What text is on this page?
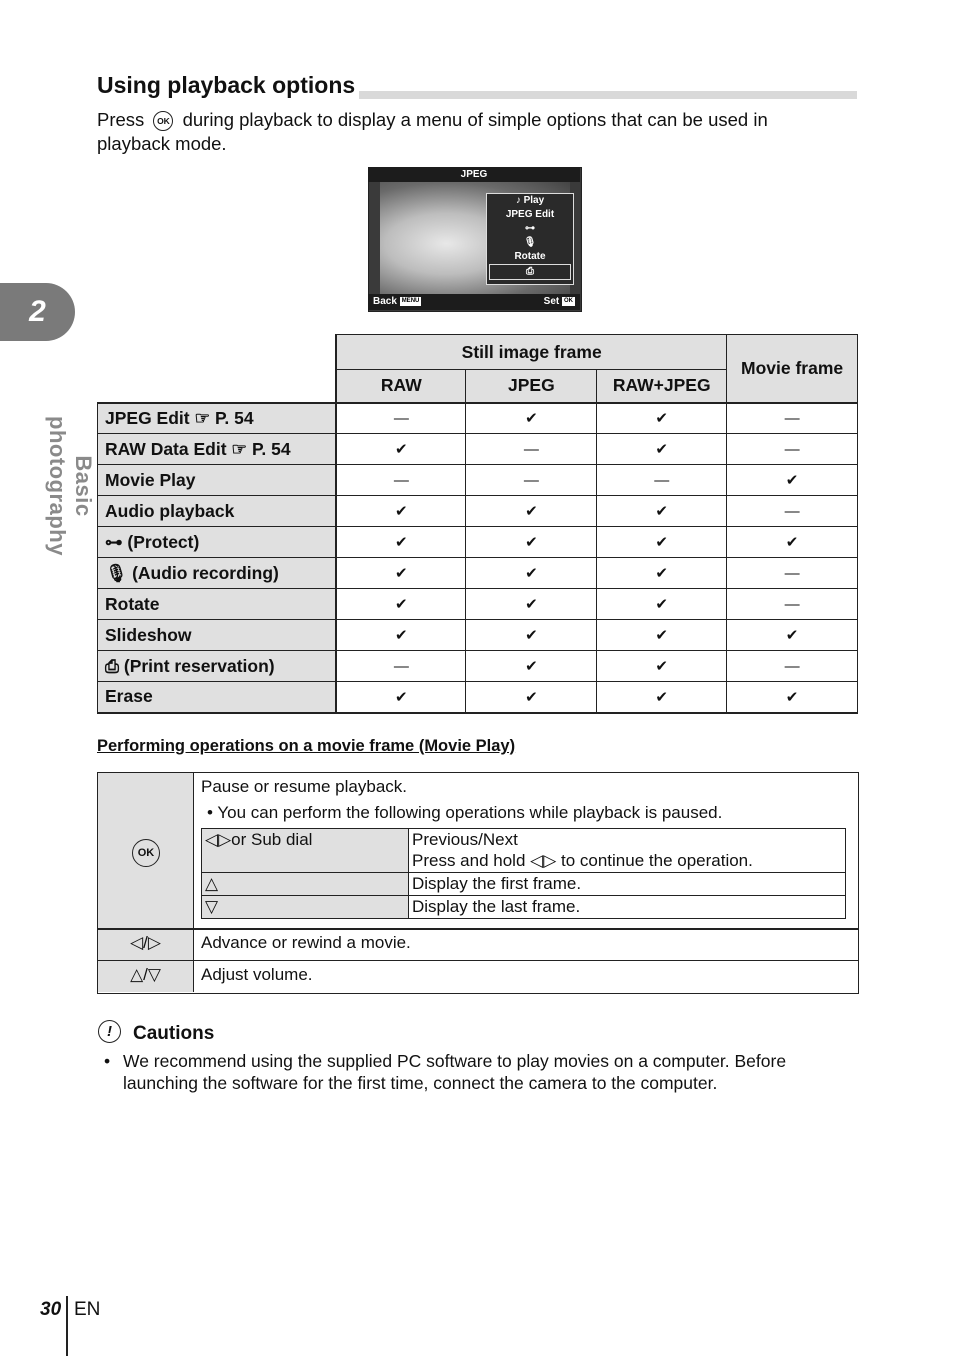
2
Basic photography
Using playback options
Press OK during playback to display a menu of simple options that can be used in playback mode.
JPEG
♪ Play
JPEG Edit
⊶
🎙
Rotate
⎙
Back MENU	Set OK
	Still image frame			Movie frame
	RAW	JPEG	RAW+JPEG	
JPEG Edit ☞ P. 54	—	✔	✔	—
RAW Data Edit ☞ P. 54	✔	—	✔	—
Movie Play	—	—	—	✔
Audio playback	✔	✔	✔	—
⊶ (Protect)	✔	✔	✔	✔
🎙 (Audio recording)	✔	✔	✔	—
Rotate	✔	✔	✔	—
Slideshow	✔	✔	✔	✔
⎙ (Print reservation)	—	✔	✔	—
Erase	✔	✔	✔	✔
Performing operations on a movie frame (Movie Play)
OK
Pause or resume playback.
• You can perform the following operations while playback is paused.
◁▷or Sub dial	Previous/Next
Press and hold ◁▷ to continue the operation.

△	Display the first frame.
▽	Display the last frame.
◁/▷	Advance or rewind a movie.
△/▽	Adjust volume.
!	Cautions
• We recommend using the supplied PC software to play movies on a computer. Before launching the software for the first time, connect the camera to the computer.
30 EN
